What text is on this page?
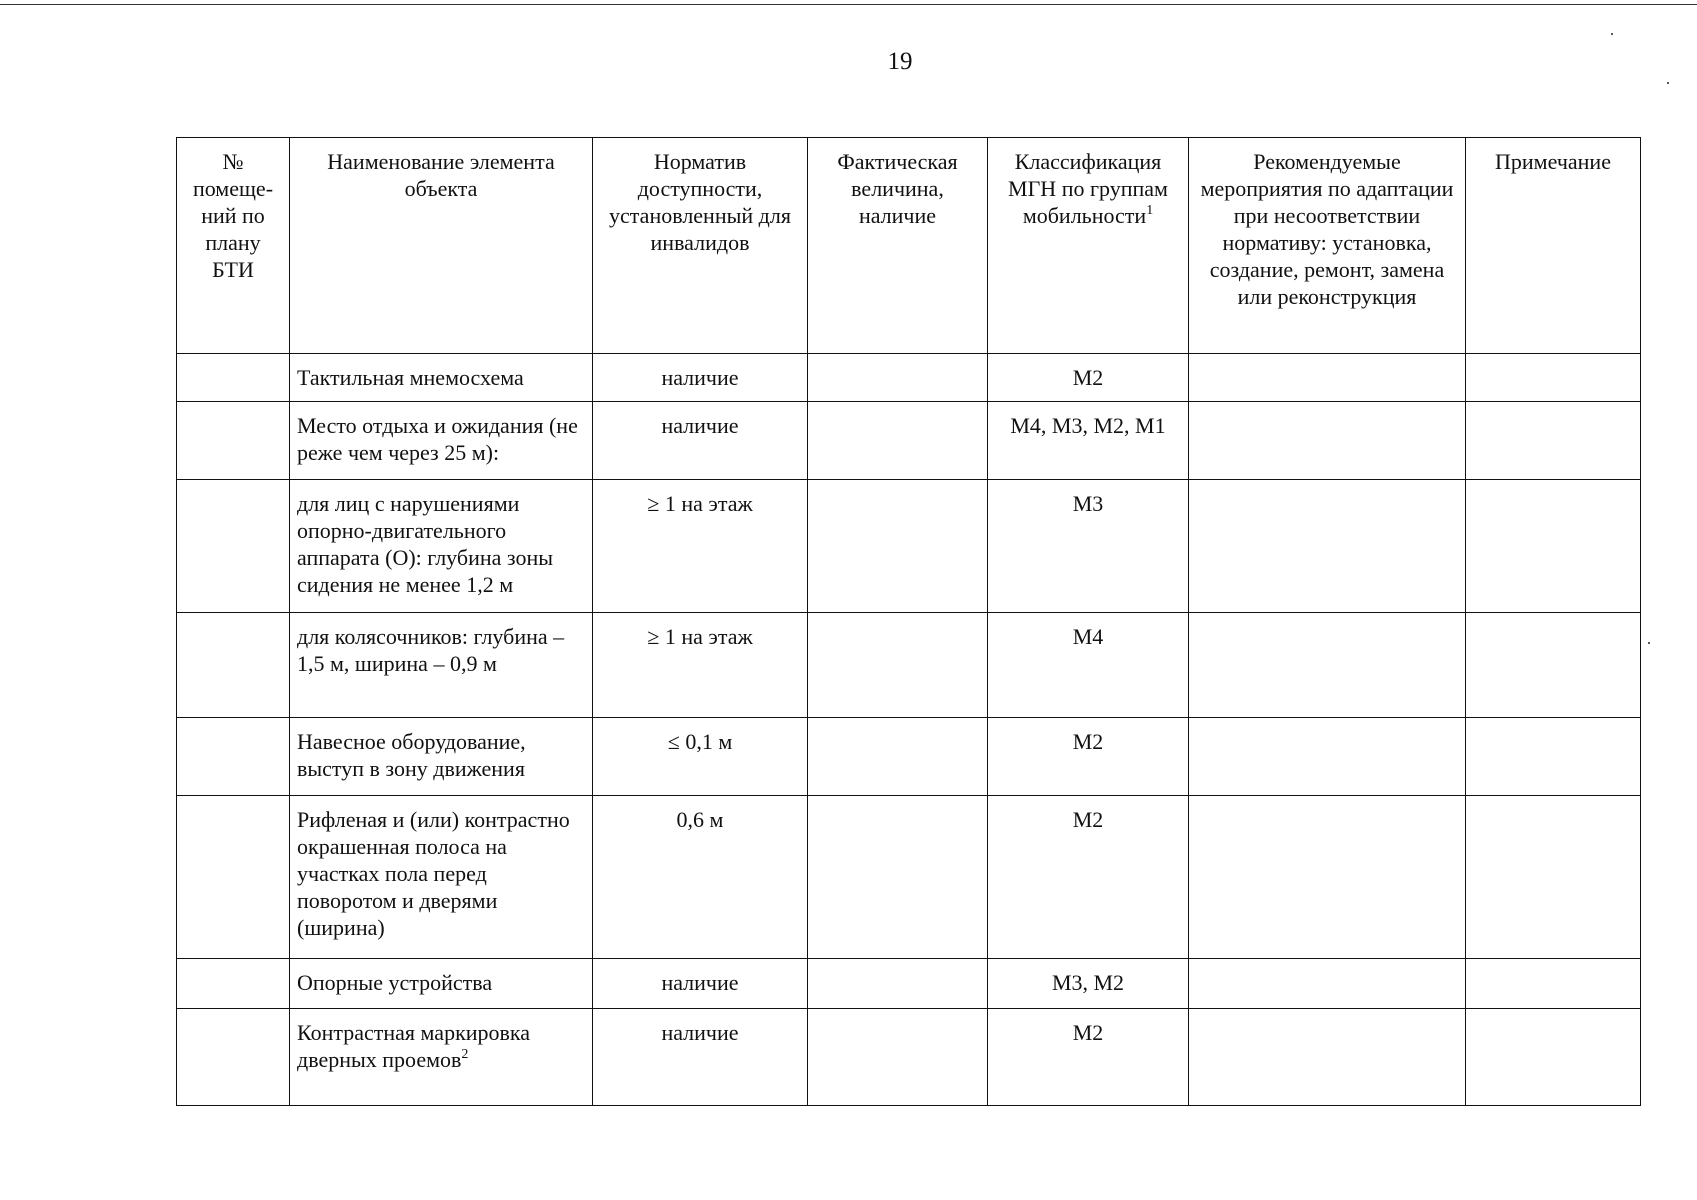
19
№ помеще-ний по плану БТИ	Наименование элемента объекта	Норматив доступности, установленный для инвалидов	Фактическая величина, наличие	Классификация МГН по группам мобильности$^1$	Рекомендуемые мероприятия по адаптации при несоответствии нормативу: установка, создание, ремонт, замена или реконструкция	Примечание
	Тактильная мнемосхема	наличие		М2		
	Место отдыха и ожидания (не реже чем через 25 м):	наличие		М4, М3, М2, М1		
	для лиц с нарушениями опорно-двигательного аппарата (О): глубина зоны сидения не менее 1,2 м	≥ 1 на этаж		М3		
	для колясочников: глубина – 1,5 м, ширина – 0,9 м	≥ 1 на этаж		М4		
	Навесное оборудование, выступ в зону движения	≤ 0,1 м		М2		
	Рифленая и (или) контрастно окрашенная полоса на участках пола перед поворотом и дверями (ширина)	0,6 м		М2		
	Опорные устройства	наличие		М3, М2		
	Контрастная маркировка дверных проемов$^2$	наличие		М2		
